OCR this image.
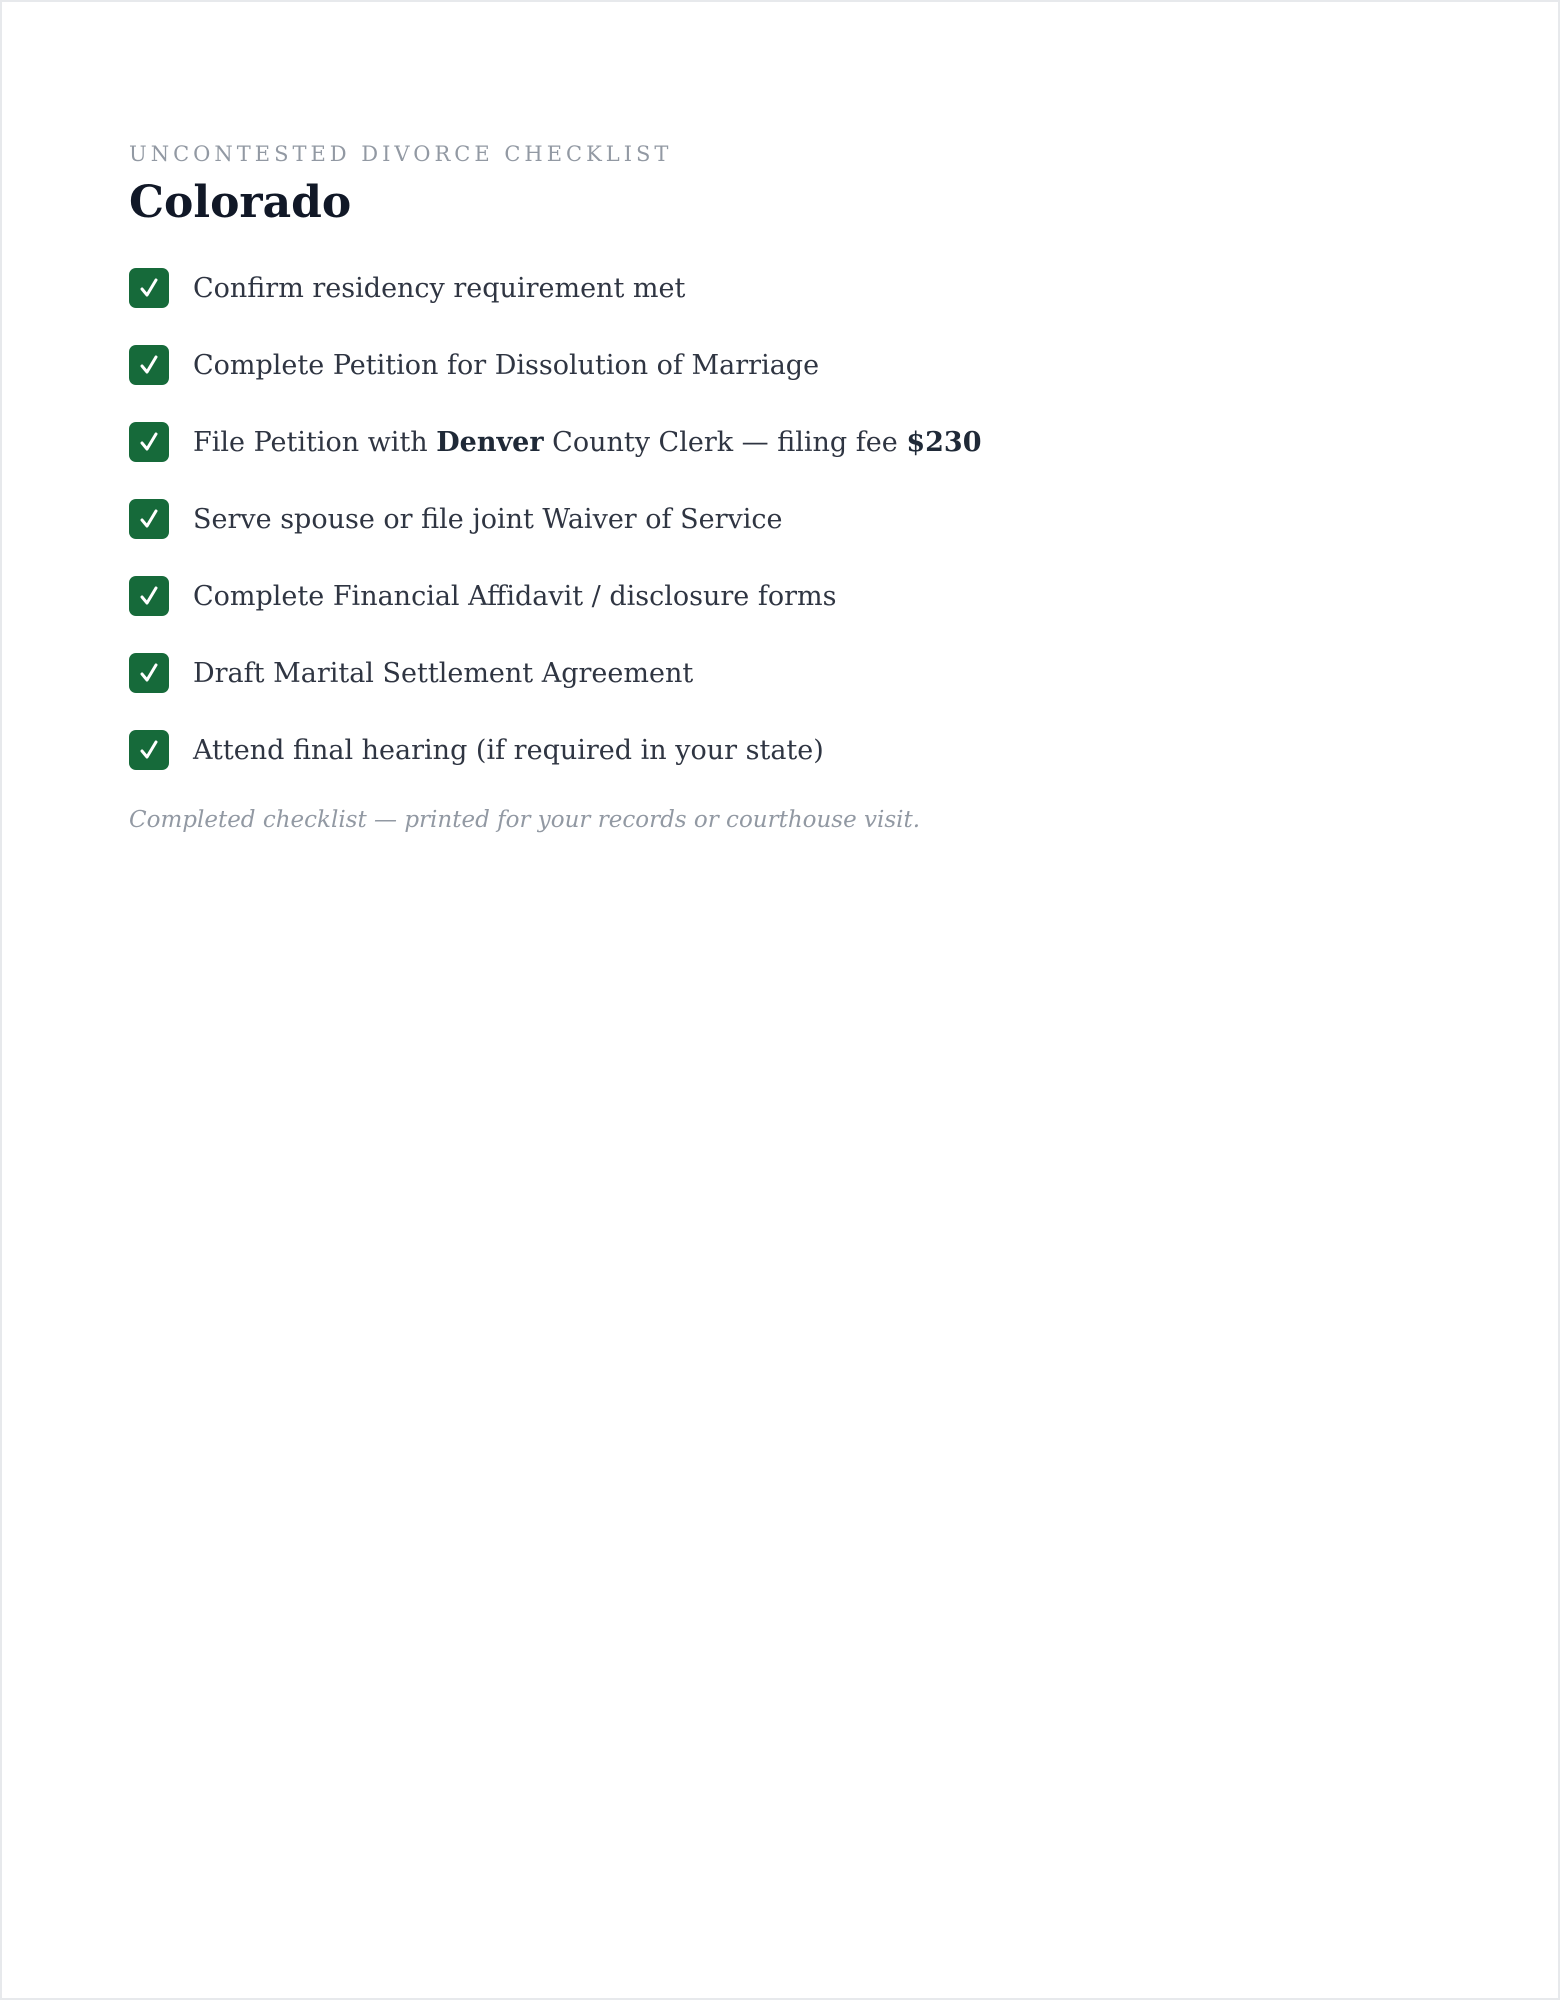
UNCONTESTED DIVORCE CHECKLIST

Colorado
Confirm residency requirement met
Complete Petition for Dissolution of Marriage
File Petition with Denver County Clerk — filing fee $230
Serve spouse or file joint Waiver of Service
Complete Financial Affidavit / disclosure forms
Draft Marital Settlement Agreement
Attend final hearing (if required in your state)

Completed checklist — printed for your records or courthouse visit.
